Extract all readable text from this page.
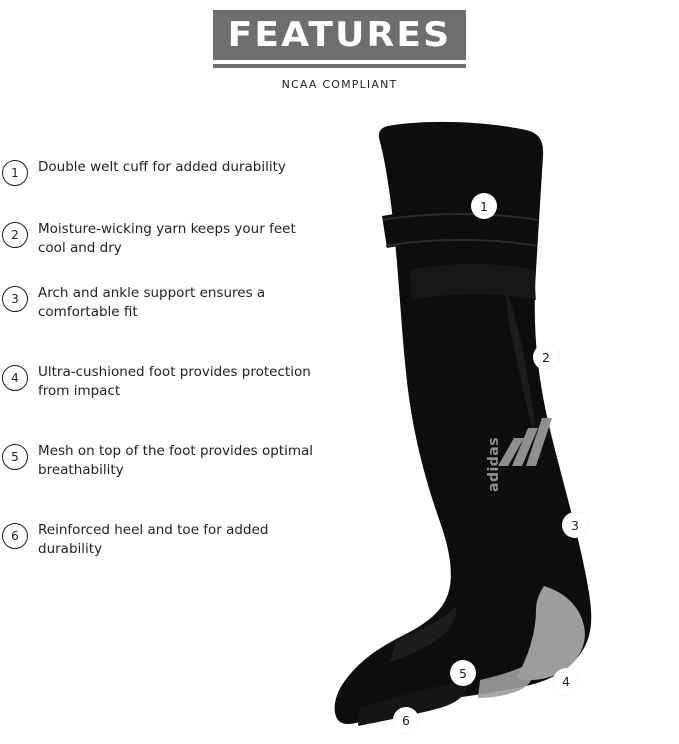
FEATURES
NCAA COMPLIANT
1	Double welt cuff for added durability
2	Moisture-wicking yarn keeps your feet cool and dry
3	Arch and ankle support ensures a comfortable fit
4	Ultra-cushioned foot provides protection from impact
5	Mesh on top of the foot provides optimal breathability
6	Reinforced heel and toe for added durability
adidas
1
2
3
4
5
6
